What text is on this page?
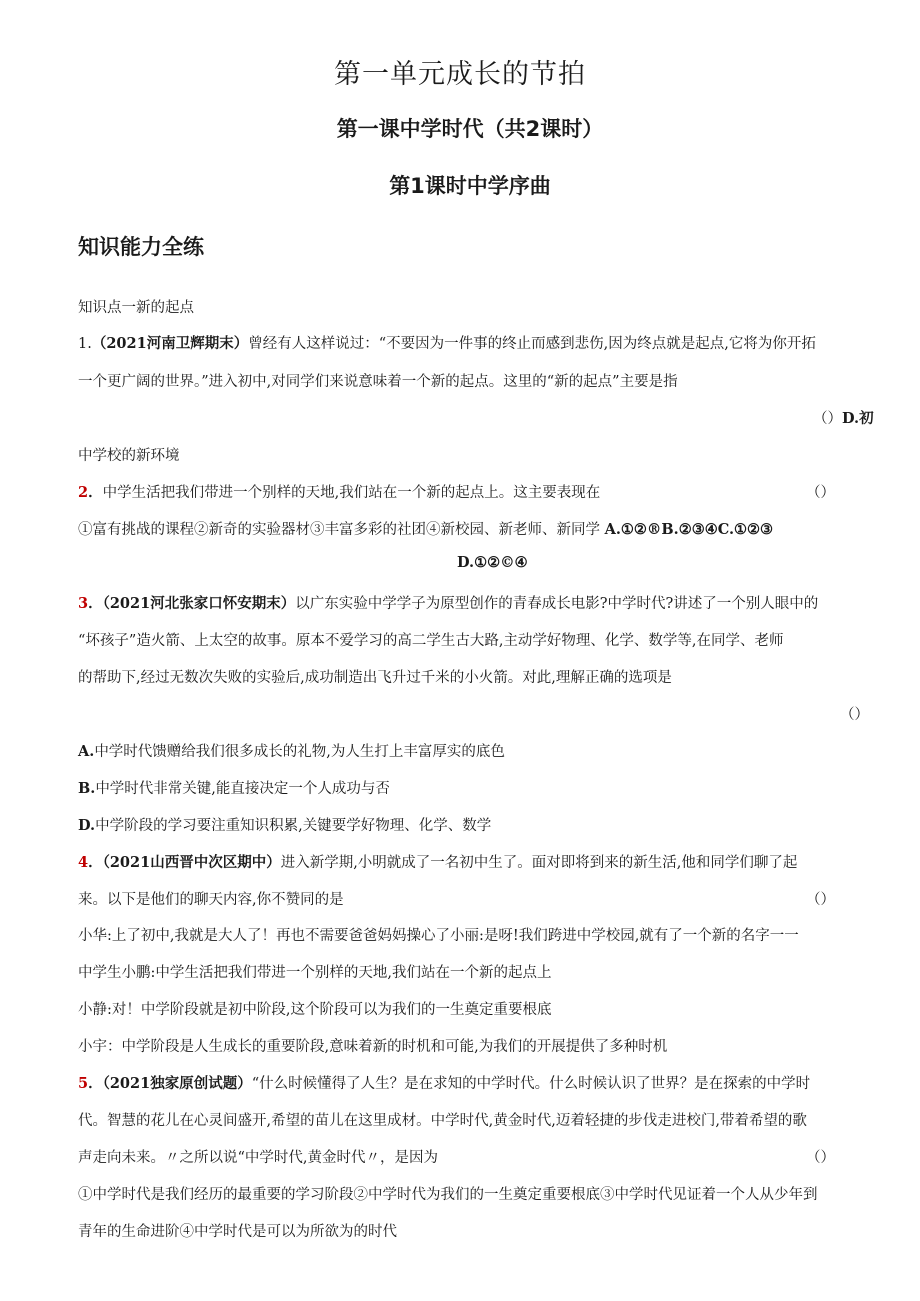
第一单元成长的节拍
第一课中学时代（共2课时）
第1课时中学序曲
知识能力全练
知识点一新的起点
1.（2021河南卫辉期末）曾经有人这样说过：“不要因为一件事的终止而感到悲伤,因为终点就是起点,它将为你开拓
一个更广阔的世界。”进入初中,对同学们来说意味着一个新的起点。这里的“新的起点”主要是指
（）D.初
中学校的新环境
2．中学生活把我们带进一个别样的天地,我们站在一个新的起点上。这主要表现在	（）
①富有挑战的课程②新奇的实验器材③丰富多彩的社团④新校园、新老师、新同学 A.①②®B.②③④C.①②③
D.①②©④
3．（2021河北张家口怀安期末）以广东实验中学学子为原型创作的青春成长电影?中学时代?讲述了一个别人眼中的
“坏孩子”造火箭、上太空的故事。原本不爱学习的高二学生古大路,主动学好物理、化学、数学等,在同学、老师
的帮助下,经过无数次失败的实验后,成功制造出飞升过千米的小火箭。对此,理解正确的选项是
（）
A.中学时代馈赠给我们很多成长的礼物,为人生打上丰富厚实的底色
B.中学时代非常关键,能直接决定一个人成功与否
D.中学阶段的学习要注重知识积累,关键要学好物理、化学、数学
4．（2021山西晋中次区期中）进入新学期,小明就成了一名初中生了。面对即将到来的新生活,他和同学们聊了起
来。以下是他们的聊天内容,你不赞同的是	（）
小华:上了初中,我就是大人了！再也不需要爸爸妈妈操心了小丽:是呀!我们跨进中学校园,就有了一个新的名字一一
中学生小鹏:中学生活把我们带进一个别样的天地,我们站在一个新的起点上
小静:对！中学阶段就是初中阶段,这个阶段可以为我们的一生奠定重要根底
小宇：中学阶段是人生成长的重要阶段,意味着新的时机和可能,为我们的开展提供了多种时机
5．（2021独家原创试题）“什么时候懂得了人生？是在求知的中学时代。什么时候认识了世界？是在探索的中学时
代。智慧的花儿在心灵间盛开,希望的苗儿在这里成材。中学时代,黄金时代,迈着轻捷的步伐走进校门,带着希望的歌
声走向未来。〃之所以说“中学时代,黄金时代〃，是因为	（）
①中学时代是我们经历的最重要的学习阶段②中学时代为我们的一生奠定重要根底③中学时代见证着一个人从少年到
青年的生命进阶④中学时代是可以为所欲为的时代
